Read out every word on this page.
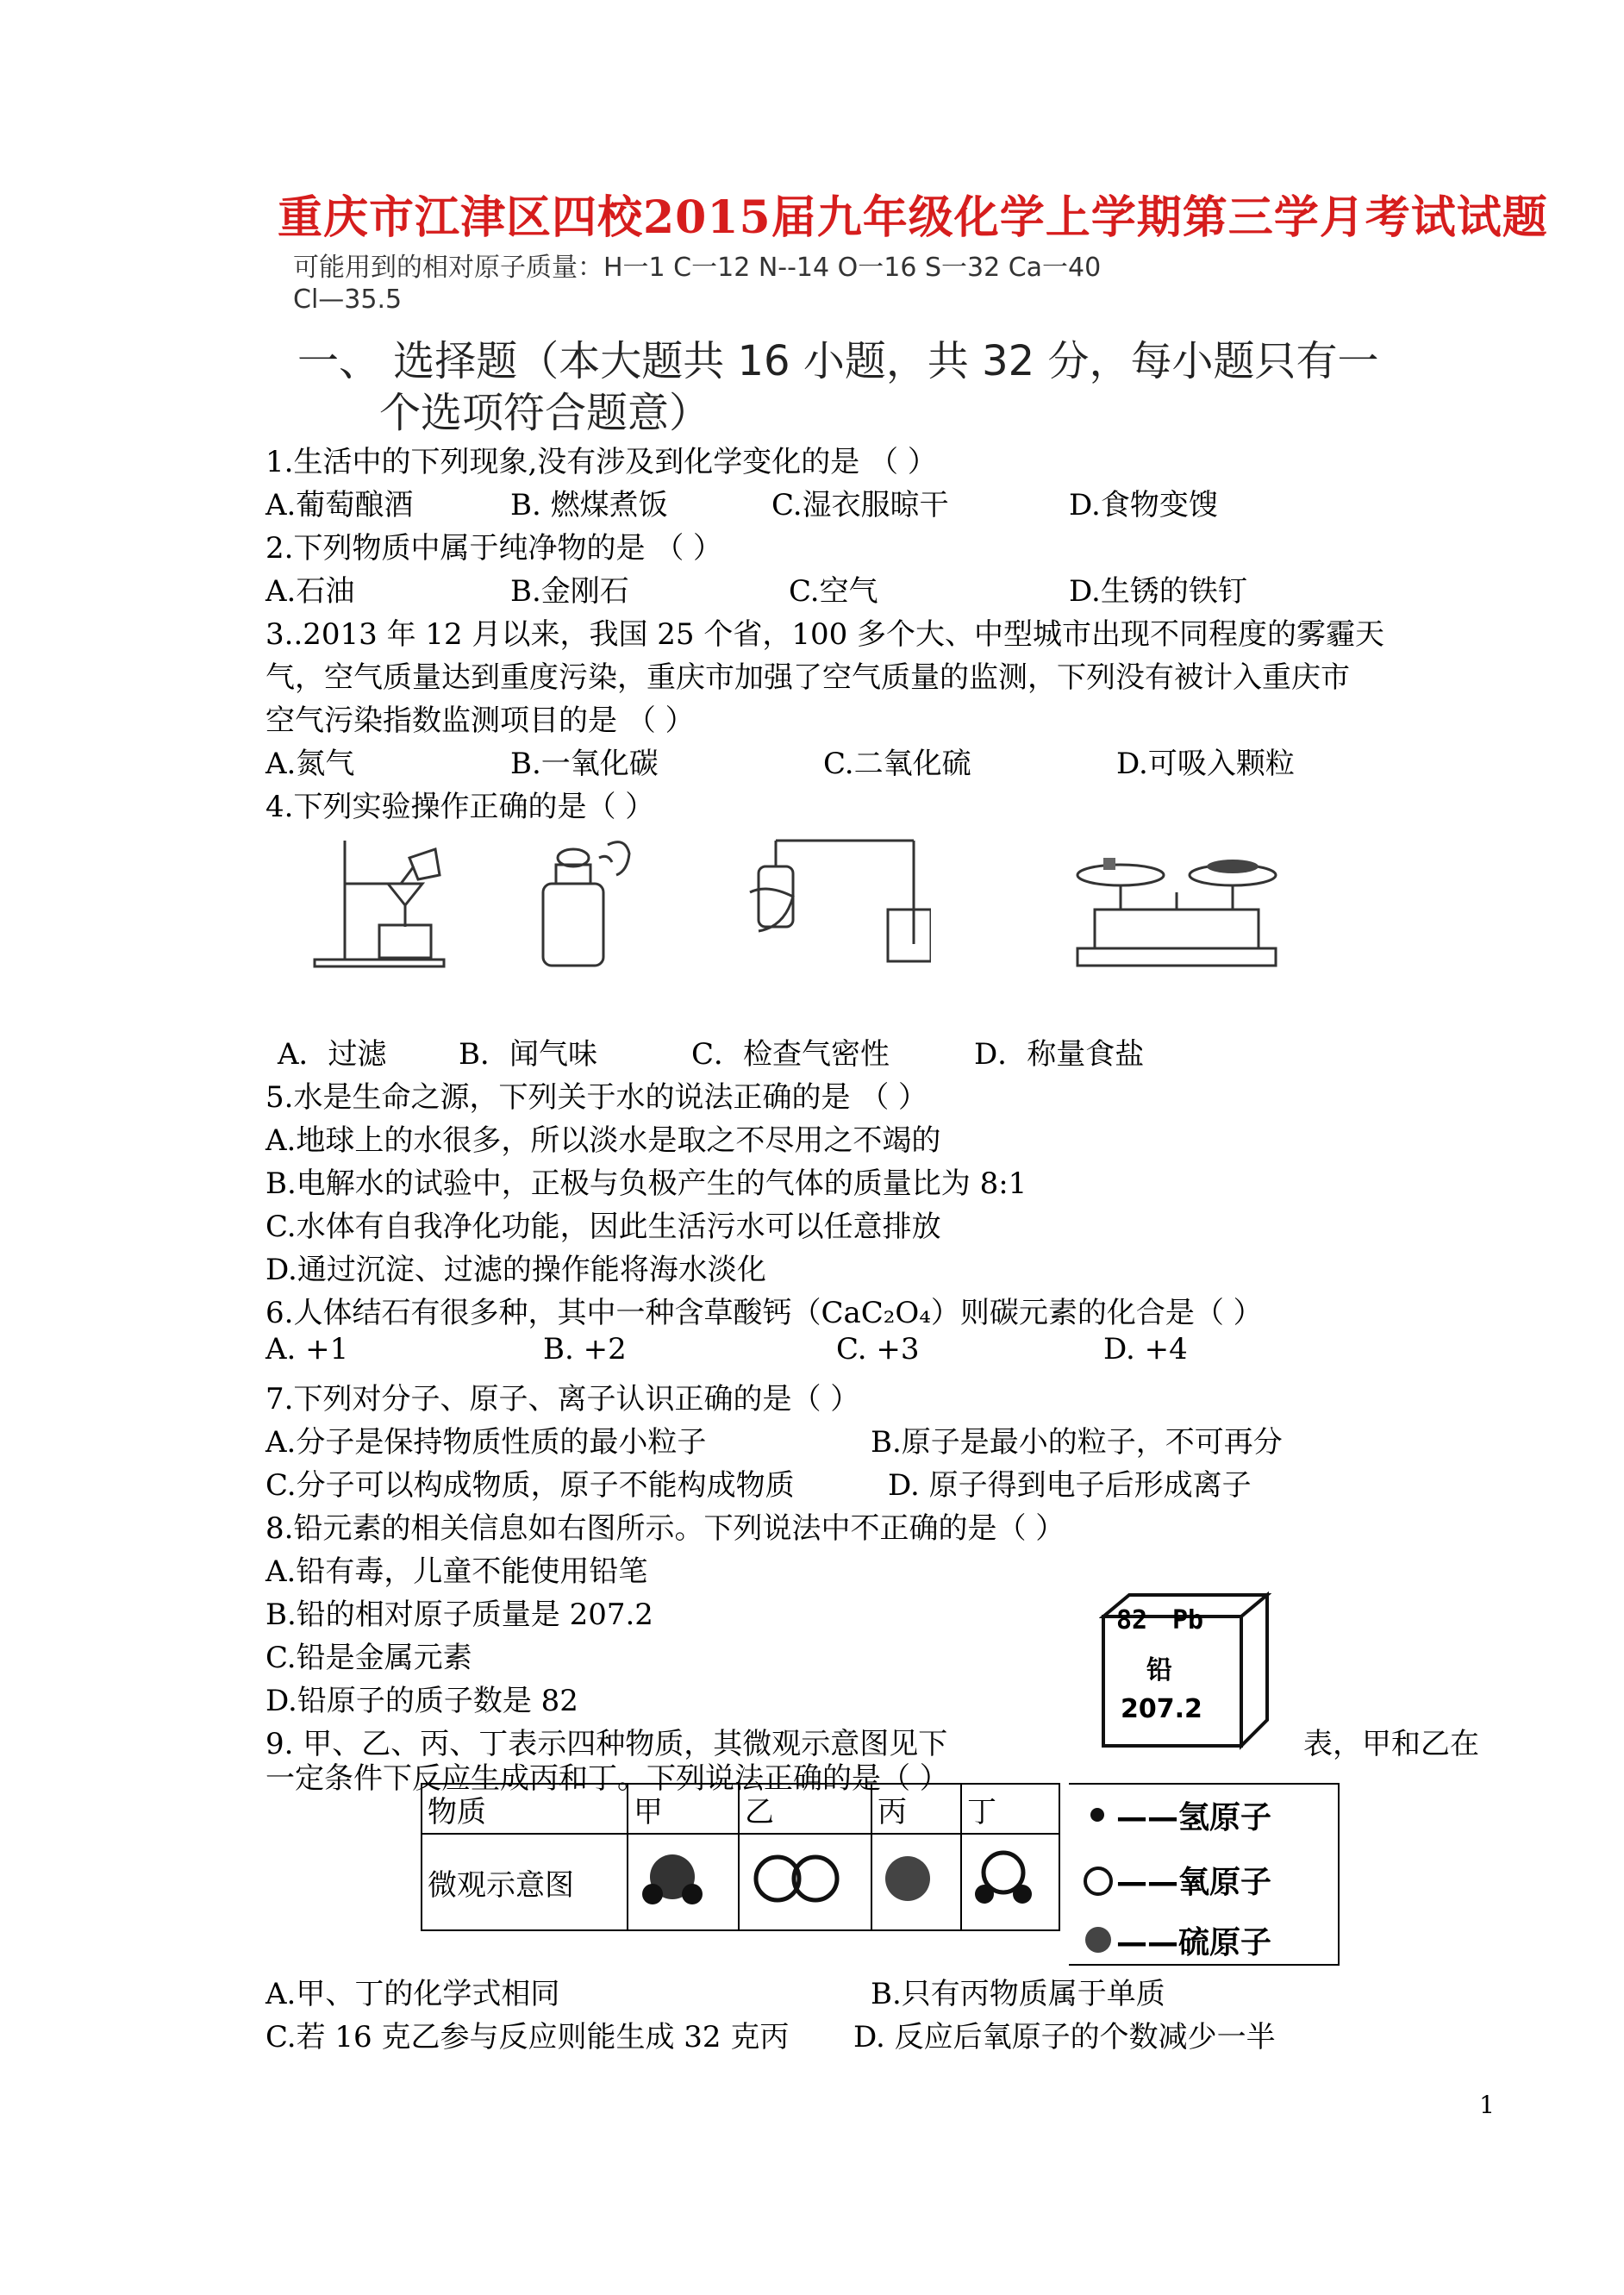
重庆市江津区四校2015届九年级化学上学期第三学月考试试题
可能用到的相对原子质量：H一1 C一12 N--14 O一16 S一32 Ca一40
Cl—35.5
一、 选择题（本大题共 16 小题，共 32 分，每小题只有一
个选项符合题意）
1.生活中的下列现象,没有涉及到化学变化的是 （ ）
A.葡萄酿酒	B. 燃煤煮饭	C.湿衣服晾干	D.食物变馊
2.下列物质中属于纯净物的是 （ ）
A.石油	B.金刚石	C.空气	D.生锈的铁钉
3..2013 年 12 月以来，我国 25 个省，100 多个大、中型城市出现不同程度的雾霾天
气，空气质量达到重度污染，重庆市加强了空气质量的监测，下列没有被计入重庆市
空气污染指数监测项目的是 （ ）
A.氮气	B.一氧化碳	C.二氧化硫	D.可吸入颗粒
4.下列实验操作正确的是（ ）
A．过滤 B．闻气味	C．检查气密性	D．称量食盐
5.水是生命之源，下列关于水的说法正确的是 （ ）
A.地球上的水很多，所以淡水是取之不尽用之不竭的
B.电解水的试验中，正极与负极产生的气体的质量比为 8:1
C.水体有自我净化功能，因此生活污水可以任意排放
D.通过沉淀、过滤的操作能将海水淡化
6.人体结石有很多种，其中一种含草酸钙（CaC₂O₄）则碳元素的化合是（ ）
A. +1	B. +2	C. +3	D. +4
7.下列对分子、原子、离子认识正确的是（ ）
A.分子是保持物质性质的最小粒子	B.原子是最小的粒子，不可再分
C.分子可以构成物质，原子不能构成物质	D. 原子得到电子后形成离子
8.铅元素的相关信息如右图所示。下列说法中不正确的是（ ）
A.铅有毒，儿童不能使用铅笔
B.铅的相对原子质量是 207.2
C.铅是金属元素
D.铅原子的质子数是 82
82 Pb
铅
207.2
9. 甲、乙、丙、丁表示四种物质，其微观示意图见下	表，甲和乙在
一定条件下反应生成丙和丁。下列说法正确的是（ ）
物质	甲	乙	丙	丁
微观示意图				
——氢原子
——氧原子
——硫原子
A.甲、丁的化学式相同	B.只有丙物质属于单质
C.若 16 克乙参与反应则能生成 32 克丙 D. 反应后氧原子的个数减少一半
1
